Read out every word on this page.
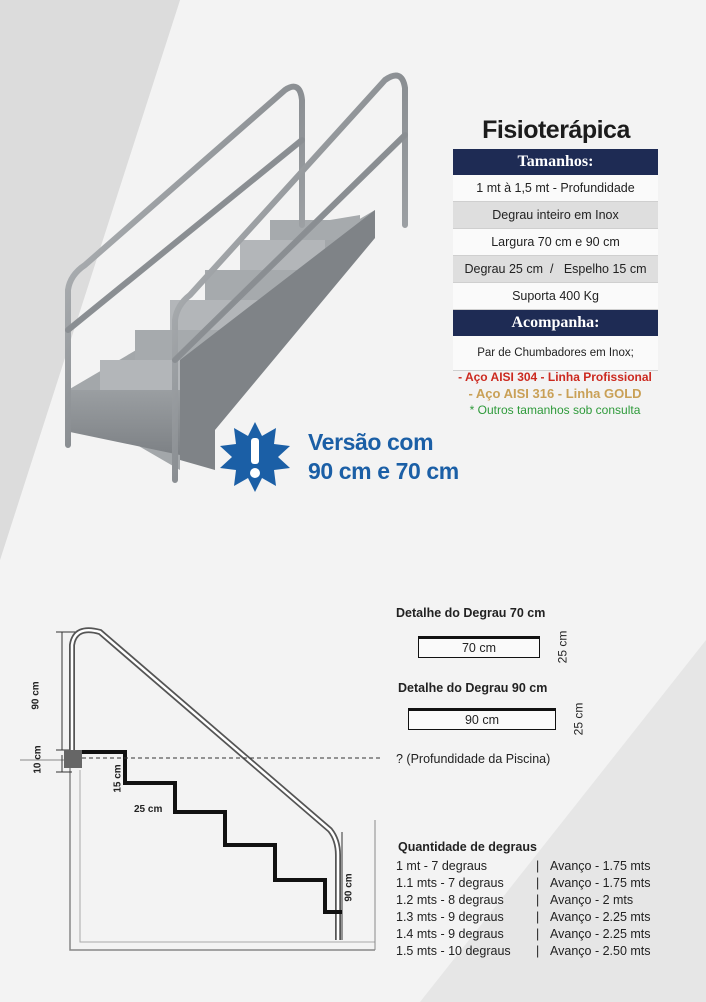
Fisioterápica
Tamanhos:
1 mt à 1,5 mt - Profundidade
Degrau inteiro em Inox
Largura 70 cm e 90 cm
Degrau 25 cm  /   Espelho 15 cm
Suporta 400 Kg
Acompanha:
Par de Chumbadores em Inox;
- Aço AISI 304 - Linha Profissional
- Aço AISI 316 - Linha GOLD
* Outros tamanhos sob consulta
Versão com
90 cm e 70 cm
90 cm
10 cm
15 cm
25 cm
90 cm
? (Profundidade da Piscina)
Detalhe do Degrau 70 cm
70 cm	25 cm
Detalhe do Degrau 90 cm
90 cm	25 cm
Quantidade de degraus
1 mt - 7 degraus	| Avanço - 1.75 mts
1.1 mts - 7 degraus	| Avanço - 1.75 mts
1.2 mts - 8 degraus	| Avanço - 2 mts
1.3 mts - 9 degraus	| Avanço - 2.25 mts
1.4 mts - 9 degraus	| Avanço - 2.25 mts
1.5 mts - 10 degraus	| Avanço - 2.50 mts
